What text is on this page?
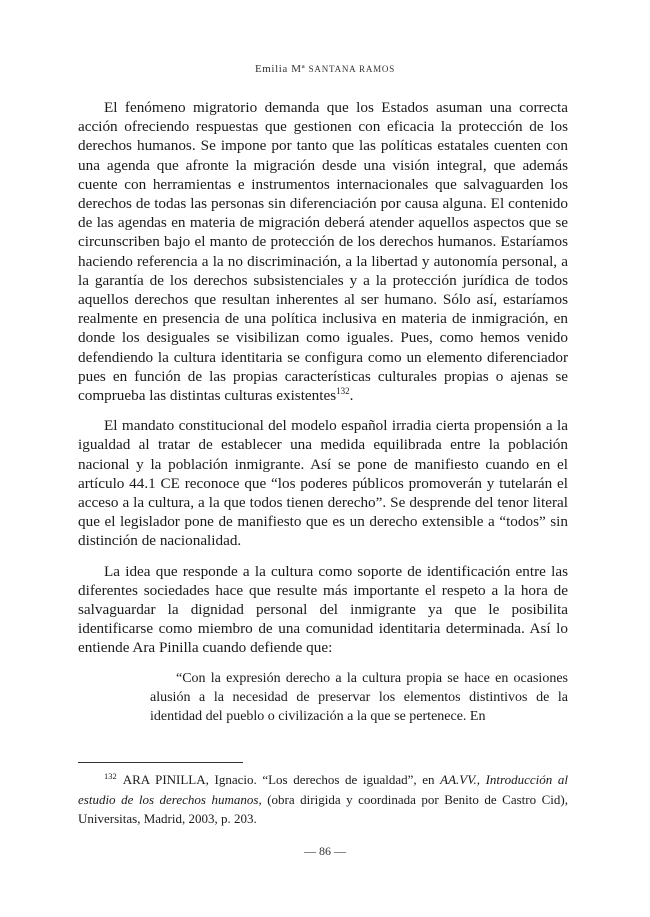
Emilia Mª SANTANA RAMOS

El fenómeno migratorio demanda que los Estados asuman una correcta acción ofreciendo respuestas que gestionen con eficacia la protección de los derechos humanos. Se impone por tanto que las políticas estatales cuenten con una agenda que afronte la migración desde una visión integral, que además cuente con herramientas e instrumentos internacionales que salvaguarden los derechos de todas las personas sin diferenciación por causa alguna. El contenido de las agendas en materia de migración deberá atender aquellos aspectos que se circunscriben bajo el manto de protección de los derechos humanos. Estaríamos haciendo referencia a la no discriminación, a la libertad y autonomía personal, a la garantía de los derechos subsistenciales y a la protección jurídica de todos aquellos derechos que resultan inherentes al ser humano. Sólo así, estaríamos realmente en presencia de una política inclusiva en materia de inmigración, en donde los desiguales se visibilizan como iguales. Pues, como hemos venido defendiendo la cultura identitaria se configura como un elemento diferenciador pues en función de las propias características culturales propias o ajenas se comprueba las distintas culturas existentes$^{132}$.

El mandato constitucional del modelo español irradia cierta propensión a la igualdad al tratar de establecer una medida equilibrada entre la población nacional y la población inmigrante. Así se pone de manifiesto cuando en el artículo 44.1 CE reconoce que “los poderes públicos promoverán y tutelarán el acceso a la cultura, a la que todos tienen derecho”. Se desprende del tenor literal que el legislador pone de manifiesto que es un derecho extensible a “todos” sin distinción de nacionalidad.

La idea que responde a la cultura como soporte de identificación entre las diferentes sociedades hace que resulte más importante el respeto a la hora de salvaguardar la dignidad personal del inmigrante ya que le posibilita identificarse como miembro de una comunidad identitaria determinada. Así lo entiende Ara Pinilla cuando defiende que:

“Con la expresión derecho a la cultura propia se hace en ocasiones alusión a la necesidad de preservar los elementos distintivos de la identidad del pueblo o civilización a la que se pertenece. En

$^{132}$ ARA PINILLA, Ignacio. “Los derechos de igualdad”, en AA.VV., Introducción al estudio de los derechos humanos, (obra dirigida y coordinada por Benito de Castro Cid), Universitas, Madrid, 2003, p. 203.

— 86 —
